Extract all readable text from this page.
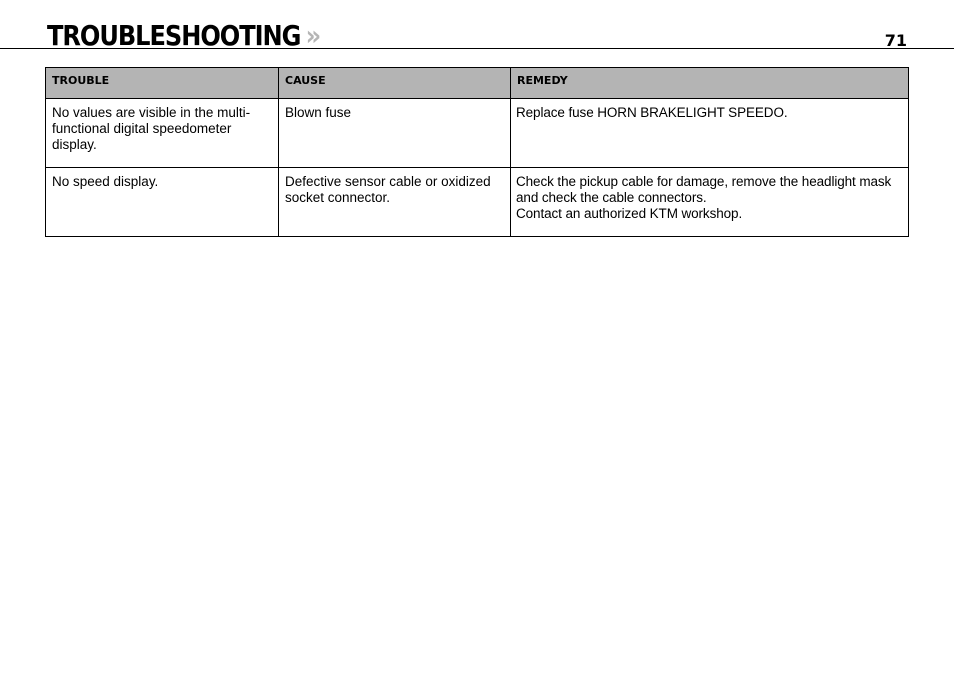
TROUBLESHOOTING »	71
TROUBLE	CAUSE	REMEDY
No values are visible in the multi-functional digital speedometer display.	Blown fuse	Replace fuse HORN BRAKELIGHT SPEEDO.

No speed display.	Defective sensor cable or oxidized socket connector.	Check the pickup cable for damage, remove the headlight mask and check the cable connectors.
Contact an authorized KTM workshop.
